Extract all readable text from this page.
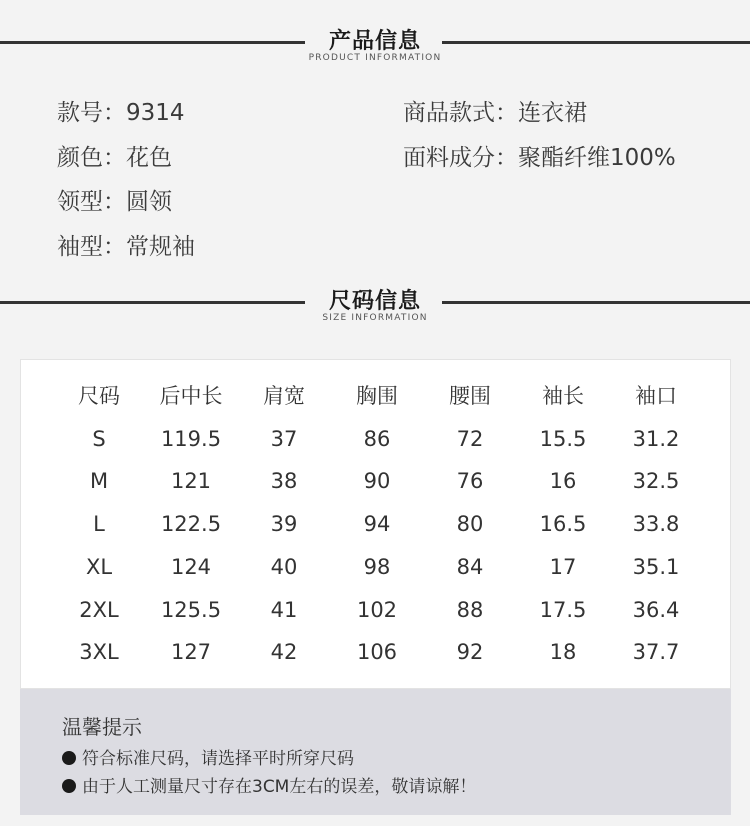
产品信息
PRODUCT INFORMATION
款号：9314	商品款式：连衣裙
颜色：花色	面料成分：聚酯纤维100%
领型：圆领
袖型：常规袖
尺码信息
SIZE INFORMATION
尺码	后中长	肩宽	胸围	腰围	袖长	袖口
S	119.5	37	86	72	15.5	31.2
M	121	38	90	76	16	32.5
L	122.5	39	94	80	16.5	33.8
XL	124	40	98	84	17	35.1
2XL	125.5	41	102	88	17.5	36.4
3XL	127	42	106	92	18	37.7
温馨提示
符合标准尺码，请选择平时所穿尺码
由于人工测量尺寸存在3CM左右的误差，敬请谅解！
